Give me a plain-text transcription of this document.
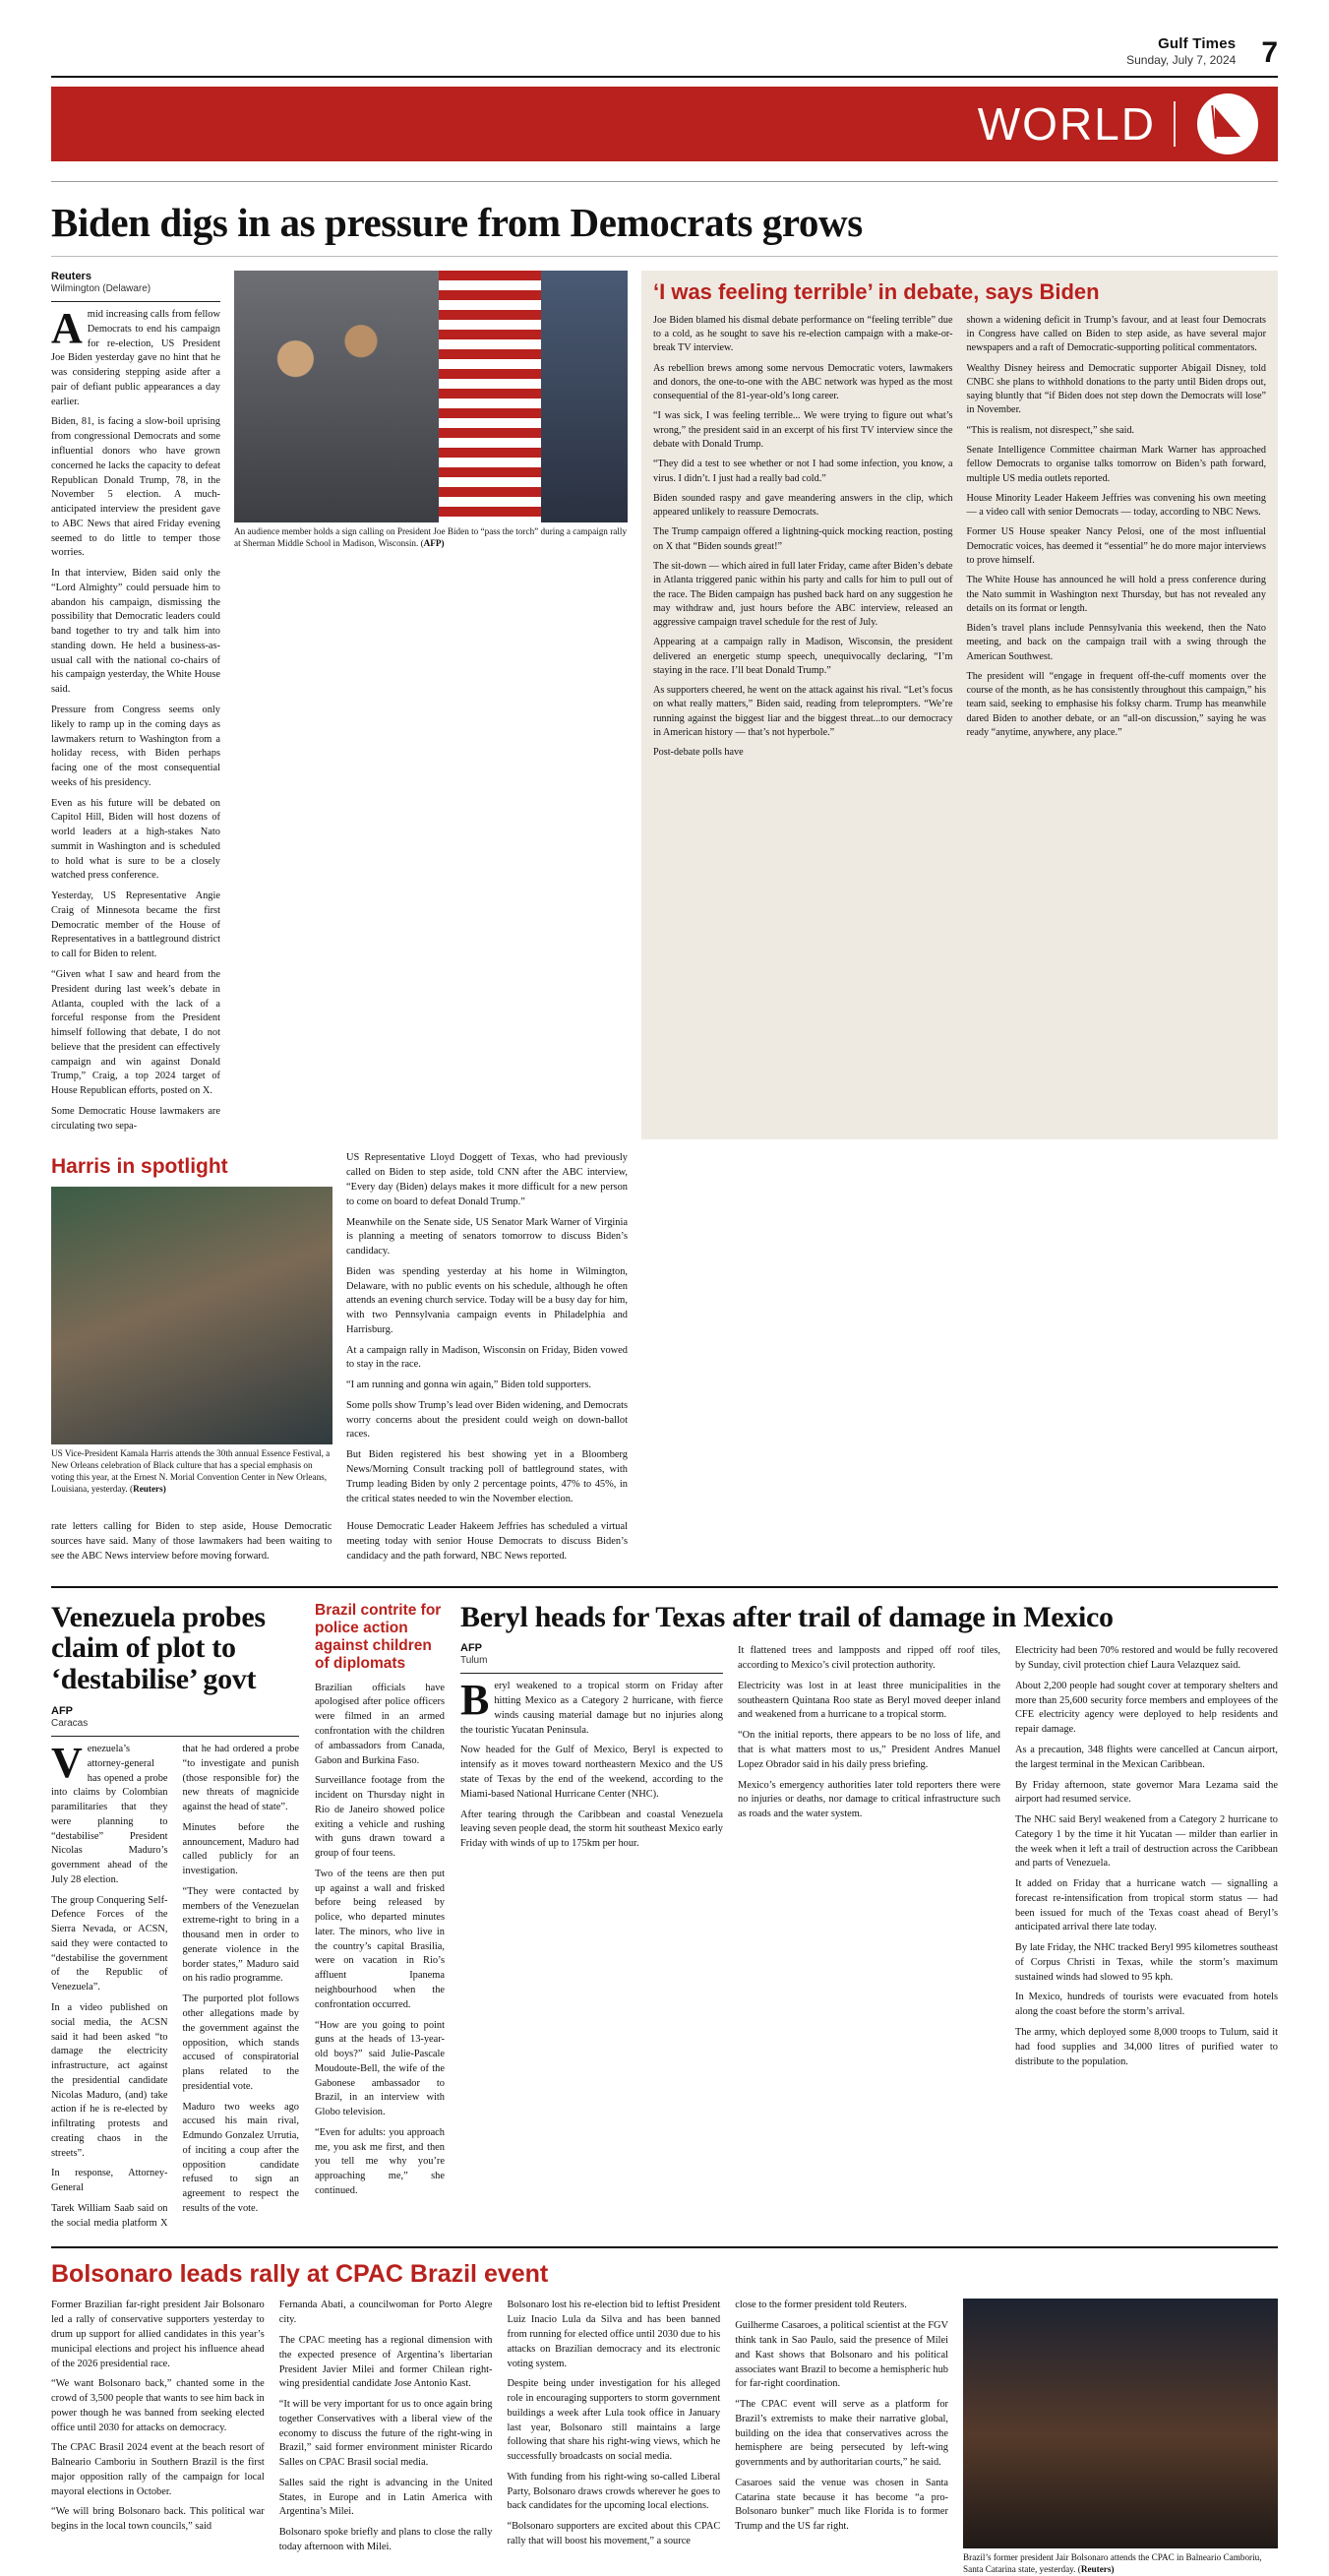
Gulf Times
Sunday, July 7, 2024 7
WORLD
Biden digs in as pressure from Democrats grows
Reuters
Wilmington (Delaware)

Amid increasing calls from fellow Democrats to end his campaign for re-election, US President Joe Biden yesterday gave no hint that he was considering stepping aside after a pair of defiant public appearances a day earlier.

Biden, 81, is facing a slow-boil uprising from congressional Democrats and some influential donors who have grown concerned he lacks the capacity to defeat Republican Donald Trump, 78, in the November 5 election. A much-anticipated interview the president gave to ABC News that aired Friday evening seemed to do little to temper those worries.

In that interview, Biden said only the “Lord Almighty” could persuade him to abandon his campaign, dismissing the possibility that Democratic leaders could band together to try and talk him into standing down. He held a business-as-usual call with the national co-chairs of his campaign yesterday, the White House said.

Pressure from Congress seems only likely to ramp up in the coming days as lawmakers return to Washington from a holiday recess, with Biden perhaps facing one of the most consequential weeks of his presidency.

Even as his future will be debated on Capitol Hill, Biden will host dozens of world leaders at a high-stakes Nato summit in Washington and is scheduled to hold what is sure to be a closely watched press conference.

Yesterday, US Representative Angie Craig of Minnesota became the first Democratic member of the House of Representatives in a battleground district to call for Biden to relent.

“Given what I saw and heard from the President during last week’s debate in Atlanta, coupled with the lack of a forceful response from the President himself following that debate, I do not believe that the president can effectively campaign and win against Donald Trump,” Craig, a top 2024 target of House Republican efforts, posted on X.

Some Democratic House lawmakers are circulating two sepa-

An audience member holds a sign calling on President Joe Biden to “pass the torch” during a campaign rally at Sherman Middle School in Madison, Wisconsin. (AFP)
‘I was feeling terrible’ in debate, says Biden

Joe Biden blamed his dismal debate performance on “feeling terrible” due to a cold, as he sought to save his re-election campaign with a make-or-break TV interview.

As rebellion brews among some nervous Democratic voters, lawmakers and donors, the one-to-one with the ABC network was hyped as the most consequential of the 81-year-old’s long career.

“I was sick, I was feeling terrible... We were trying to figure out what’s wrong,” the president said in an excerpt of his first TV interview since the debate with Donald Trump.

“They did a test to see whether or not I had some infection, you know, a virus. I didn’t. I just had a really bad cold.”

Biden sounded raspy and gave meandering answers in the clip, which appeared unlikely to reassure Democrats.

The Trump campaign offered a lightning-quick mocking reaction, posting on X that “Biden sounds great!”

The sit-down — which aired in full later Friday, came after Biden’s debate in Atlanta triggered panic within his party and calls for him to pull out of the race. The Biden campaign has pushed back hard on any suggestion he may withdraw and, just hours before the ABC interview, released an aggressive campaign travel schedule for the rest of July.

Appearing at a campaign rally in Madison, Wisconsin, the president delivered an energetic stump speech, unequivocally declaring, “I’m staying in the race. I’ll beat Donald Trump.”

As supporters cheered, he went on the attack against his rival. “Let’s focus on what really matters,” Biden said, reading from teleprompters. “We’re running against the biggest liar and the biggest threat...to our democracy in American history — that’s not hyperbole.”

Post-debate polls have

shown a widening deficit in Trump’s favour, and at least four Democrats in Congress have called on Biden to step aside, as have several major newspapers and a raft of Democratic-supporting political commentators.

Wealthy Disney heiress and Democratic supporter Abigail Disney, told CNBC she plans to withhold donations to the party until Biden drops out, saying bluntly that “if Biden does not step down the Democrats will lose” in November.

“This is realism, not disrespect,” she said.

Senate Intelligence Committee chairman Mark Warner has approached fellow Democrats to organise talks tomorrow on Biden’s path forward, multiple US media outlets reported.

House Minority Leader Hakeem Jeffries was convening his own meeting — a video call with senior Democrats — today, according to NBC News.

Former US House speaker Nancy Pelosi, one of the most influential Democratic voices, has deemed it “essential” he do more major interviews to prove himself.

The White House has announced he will hold a press conference during the Nato summit in Washington next Thursday, but has not revealed any details on its format or length.

Biden’s travel plans include Pennsylvania this weekend, then the Nato meeting, and back on the campaign trail with a swing through the American Southwest.

The president will “engage in frequent off-the-cuff moments over the course of the month, as he has consistently throughout this campaign,” his team said, seeking to emphasise his folksy charm. Trump has meanwhile dared Biden to another debate, or an “all-on discussion,” saying he was ready “anytime, anywhere, any place.”

Harris in spotlight
US Vice-President Kamala Harris attends the 30th annual Essence Festival, a New Orleans celebration of Black culture that has a special emphasis on voting this year, at the Ernest N. Morial Convention Center in New Orleans, Louisiana, yesterday. (Reuters)

US Representative Lloyd Doggett of Texas, who had previously called on Biden to step aside, told CNN after the ABC interview, “Every day (Biden) delays makes it more difficult for a new person to come on board to defeat Donald Trump.”

Meanwhile on the Senate side, US Senator Mark Warner of Virginia is planning a meeting of senators tomorrow to discuss Biden’s candidacy.

Biden was spending yesterday at his home in Wilmington, Delaware, with no public events on his schedule, although he often attends an evening church service. Today will be a busy day for him, with two Pennsylvania campaign events in Philadelphia and Harrisburg.

At a campaign rally in Madison, Wisconsin on Friday, Biden vowed to stay in the race.

“I am running and gonna win again,” Biden told supporters.

Some polls show Trump’s lead over Biden widening, and Democrats worry concerns about the president could weigh on down-ballot races.

But Biden registered his best showing yet in a Bloomberg News/Morning Consult tracking poll of battleground states, with Trump leading Biden by only 2 percentage points, 47% to 45%, in the critical states needed to win the November election.

rate letters calling for Biden to step aside, House Democratic sources have said. Many of those lawmakers had been waiting to see the ABC News interview before moving forward.

House Democratic Leader Hakeem Jeffries has scheduled a virtual meeting today with senior House Democrats to discuss Biden’s candidacy and the path forward, NBC News reported.

Venezuela probes claim of plot to ‘destabilise’ govt
AFP
Caracas

Venezuela’s attorney-general has opened a probe into claims by Colombian paramilitaries that they were planning to “destabilise” President Nicolas Maduro’s government ahead of the July 28 election.

The group Conquering Self-Defence Forces of the Sierra Nevada, or ACSN, said they were contacted to “destabilise the government of the Republic of Venezuela”.

In a video published on social media, the ACSN said it had been asked “to damage the electricity infrastructure, act against the presidential candidate Nicolas Maduro, (and) take action if he is re-elected by infiltrating protests and creating chaos in the streets”.

In response, Attorney-General

Tarek William Saab said on the social media platform X that he had ordered a probe “to investigate and punish (those responsible for) the new threats of magnicide against the head of state”.

Minutes before the announcement, Maduro had called publicly for an investigation.

“They were contacted by members of the Venezuelan extreme-right to bring in a thousand men in order to generate violence in the border states,” Maduro said on his radio programme.

The purported plot follows other allegations made by the government against the opposition, which stands accused of conspiratorial plans related to the presidential vote.

Maduro two weeks ago accused his main rival, Edmundo Gonzalez Urrutia, of inciting a coup after the opposition candidate refused to sign an agreement to respect the results of the vote.

Brazil contrite for police action against children of diplomats

Brazilian officials have apologised after police officers were filmed in an armed confrontation with the children of ambassadors from Canada, Gabon and Burkina Faso.

Surveillance footage from the incident on Thursday night in Rio de Janeiro showed police exiting a vehicle and rushing with guns drawn toward a group of four teens.

Two of the teens are then put up against a wall and frisked before being released by police, who departed minutes later. The minors, who live in the country’s capital Brasilia, were on vacation in Rio’s affluent Ipanema neighbourhood when the confrontation occurred.

“How are you going to point guns at the heads of 13-year-old boys?” said Julie-Pascale Moudoute-Bell, the wife of the Gabonese ambassador to Brazil, in an interview with Globo television.

“Even for adults: you approach me, you ask me first, and then you tell me why you’re approaching me,” she continued.

Beryl heads for Texas after trail of damage in Mexico
AFP
Tulum

Beryl weakened to a tropical storm on Friday after hitting Mexico as a Category 2 hurricane, with fierce winds causing material damage but no injuries along the touristic Yucatan Peninsula.

Now headed for the Gulf of Mexico, Beryl is expected to intensify as it moves toward northeastern Mexico and the US state of Texas by the end of the weekend, according to the Miami-based National Hurricane Center (NHC).

After tearing through the Caribbean and coastal Venezuela leaving seven people dead, the storm hit southeast Mexico early Friday with winds of up to 175km per hour.

It flattened trees and lampposts and ripped off roof tiles, according to Mexico’s civil protection authority.

Electricity was lost in at least three municipalities in the southeastern Quintana Roo state as Beryl moved deeper inland and weakened from a hurricane to a tropical storm.

“On the initial reports, there appears to be no loss of life, and that is what matters most to us,” President Andres Manuel Lopez Obrador said in his daily press briefing.

Mexico’s emergency authorities later told reporters there were no injuries or deaths, nor damage to critical infrastructure such as roads and the water system.

Electricity had been 70% restored and would be fully recovered by Sunday, civil protection chief Laura Velazquez said.

About 2,200 people had sought cover at temporary shelters and more than 25,600 security force members and employees of the CFE electricity agency were deployed to help residents and repair damage.

As a precaution, 348 flights were cancelled at Cancun airport, the largest terminal in the Mexican Caribbean.

By Friday afternoon, state governor Mara Lezama said the airport had resumed service.

The NHC said Beryl weakened from a Category 2 hurricane to Category 1 by the time it hit Yucatan — milder than earlier in the week when it left a trail of destruction across the Caribbean and parts of Venezuela.

It added on Friday that a hurricane watch — signalling a forecast re-intensification from tropical storm status — had been issued for much of the Texas coast ahead of Beryl’s anticipated arrival there late today.

By late Friday, the NHC tracked Beryl 995 kilometres southeast of Corpus Christi in Texas, while the storm’s maximum sustained winds had slowed to 95 kph.

In Mexico, hundreds of tourists were evacuated from hotels along the coast before the storm’s arrival.

The army, which deployed some 8,000 troops to Tulum, said it had food supplies and 34,000 litres of purified water to distribute to the population.

Bolsonaro leads rally at CPAC Brazil event

Former Brazilian far-right president Jair Bolsonaro led a rally of conservative supporters yesterday to drum up support for allied candidates in this year’s municipal elections and project his influence ahead of the 2026 presidential race.

“We want Bolsonaro back,” chanted some in the crowd of 3,500 people that wants to see him back in power though he was banned from seeking elected office until 2030 for attacks on democracy.

The CPAC Brasil 2024 event at the beach resort of Balneario Camboriu in Southern Brazil is the first major opposition rally of the campaign for local mayoral elections in October.

“We will bring Bolsonaro back. This political war begins in the local town councils,” said

Fernanda Abati, a councilwoman for Porto Alegre city.

The CPAC meeting has a regional dimension with the expected presence of Argentina’s libertarian President Javier Milei and former Chilean right-wing presidential candidate Jose Antonio Kast.

“It will be very important for us to once again bring together Conservatives with a liberal view of the economy to discuss the future of the right-wing in Brazil,” said former environment minister Ricardo Salles on CPAC Brasil social media.

Salles said the right is advancing in the United States, in Europe and in Latin America with Argentina’s Milei.

Bolsonaro spoke briefly and plans to close the rally today afternoon with Milei.

Bolsonaro lost his re-election bid to leftist President Luiz Inacio Lula da Silva and has been banned from running for elected office until 2030 due to his attacks on Brazilian democracy and its electronic voting system.

Despite being under investigation for his alleged role in encouraging supporters to storm government buildings a week after Lula took office in January last year, Bolsonaro still maintains a large following that share his right-wing views, which he successfully broadcasts on social media.

With funding from his right-wing so-called Liberal Party, Bolsonaro draws crowds wherever he goes to back candidates for the upcoming local elections.

“Bolsonaro supporters are excited about this CPAC rally that will boost his movement,” a source

close to the former president told Reuters.

Guilherme Casaroes, a political scientist at the FGV think tank in Sao Paulo, said the presence of Milei and Kast shows that Bolsonaro and his political associates want Brazil to become a hemispheric hub for far-right coordination.

“The CPAC event will serve as a platform for Brazil’s extremists to make their narrative global, building on the idea that conservatives across the hemisphere are being persecuted by left-wing governments and by authoritarian courts,” he said.

Casaroes said the venue was chosen in Santa Catarina state because it has become “a pro-Bolsonaro bunker” much like Florida is to former Trump and the US far right.

Brazil’s former president Jair Bolsonaro attends the CPAC in Balneario Camboriu, Santa Catarina state, yesterday. (Reuters)
